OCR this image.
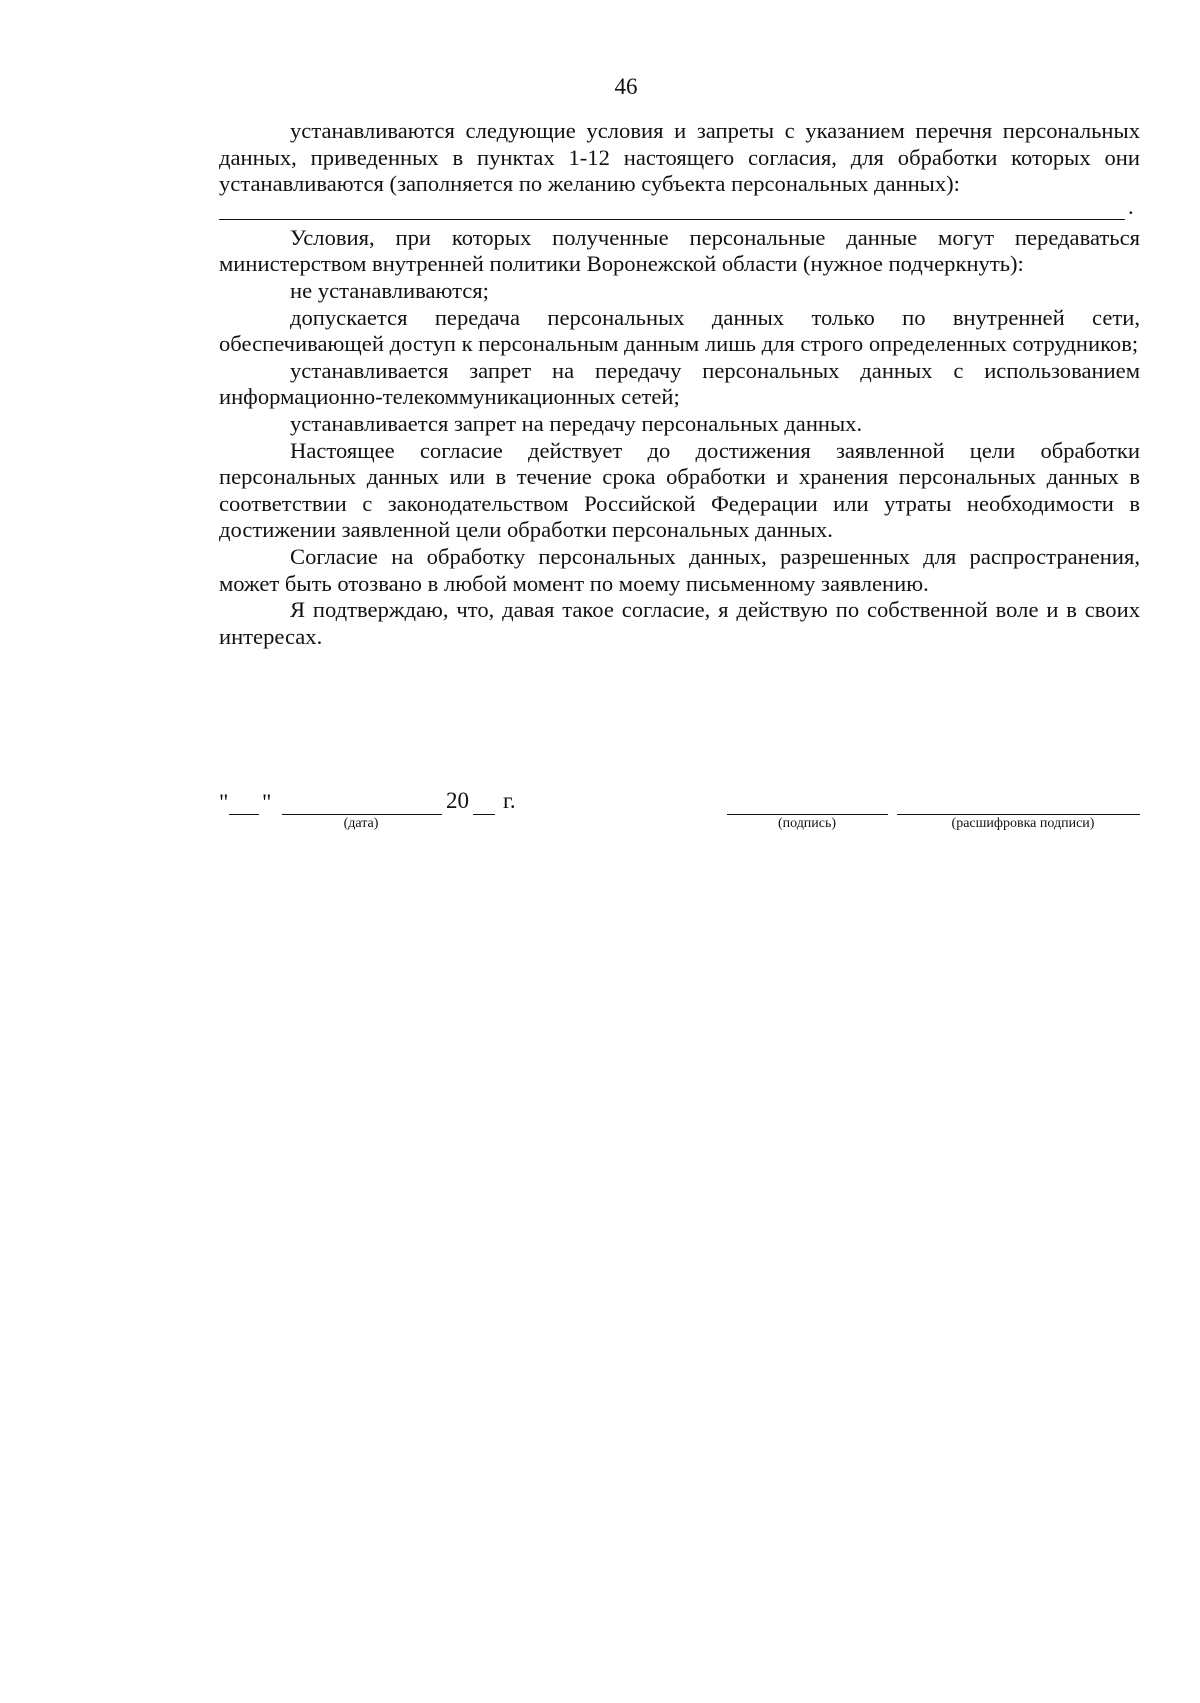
46

устанавливаются следующие условия и запреты с указанием перечня персональных данных, приведенных в пунктах 1-12 настоящего согласия, для обработки которых они устанавливаются (заполняется по желанию субъекта персональных данных):

.

Условия, при которых полученные персональные данные могут передаваться министерством внутренней политики Воронежской области (нужное подчеркнуть):

не устанавливаются;

допускается передача персональных данных только по внутренней сети, обеспечивающей доступ к персональным данным лишь для строго определенных сотрудников;

устанавливается запрет на передачу персональных данных с использованием информационно-телекоммуникационных сетей;

устанавливается запрет на передачу персональных данных.

Настоящее согласие действует до достижения заявленной цели обработки персональных данных или в течение срока обработки и хранения персональных данных в соответствии с законодательством Российской Федерации или утраты необходимости в достижении заявленной цели обработки персональных данных.

Согласие на обработку персональных данных, разрешенных для распространения, может быть отозвано в любой момент по моему письменному заявлению.

Я подтверждаю, что, давая такое согласие, я действую по собственной воле и в своих интересах.

" "	20 г.
(дата)	(подпись)	(расшифровка подписи)
